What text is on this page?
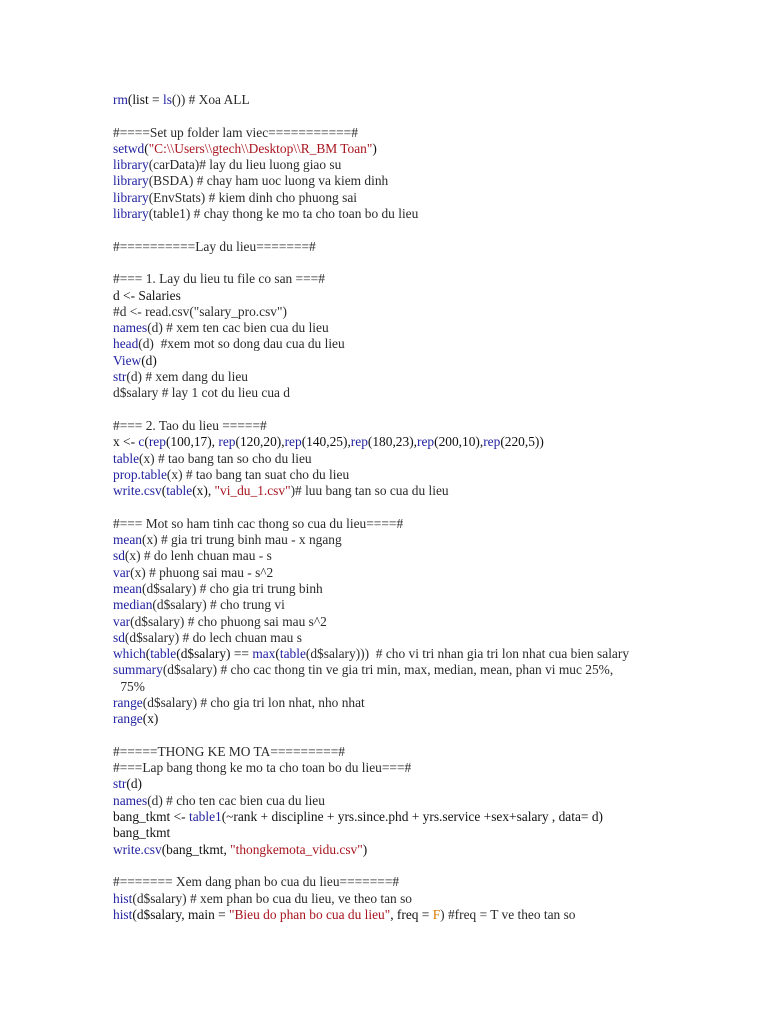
rm(list = ls()) # Xoa ALL
#====Set up folder lam viec===========#
setwd("C:\\Users\\gtech\\Desktop\\R_BM Toan")
library(carData)# lay du lieu luong giao su
library(BSDA) # chay ham uoc luong va kiem dinh
library(EnvStats) # kiem dinh cho phuong sai
library(table1) # chay thong ke mo ta cho toan bo du lieu
#==========Lay du lieu=======#
#=== 1. Lay du lieu tu file co san ===#
d <- Salaries
#d <- read.csv("salary_pro.csv")
names(d) # xem ten cac bien cua du lieu
head(d)  #xem mot so dong dau cua du lieu
View(d)
str(d) # xem dang du lieu
d$salary # lay 1 cot du lieu cua d
#=== 2. Tao du lieu =====#
x <- c(rep(100,17), rep(120,20),rep(140,25),rep(180,23),rep(200,10),rep(220,5))
table(x) # tao bang tan so cho du lieu
prop.table(x) # tao bang tan suat cho du lieu
write.csv(table(x), "vi_du_1.csv")# luu bang tan so cua du lieu
#=== Mot so ham tinh cac thong so cua du lieu====#
mean(x) # gia tri trung binh mau - x ngang
sd(x) # do lenh chuan mau - s
var(x) # phuong sai mau - s^2
mean(d$salary) # cho gia tri trung binh
median(d$salary) # cho trung vi
var(d$salary) # cho phuong sai mau s^2
sd(d$salary) # do lech chuan mau s
which(table(d$salary) == max(table(d$salary)))  # cho vi tri nhan gia tri lon nhat cua bien salary
summary(d$salary) # cho cac thong tin ve gia tri min, max, median, mean, phan vi muc 25%,
75%
range(d$salary) # cho gia tri lon nhat, nho nhat
range(x)
#=====THONG KE MO TA=========#
#===Lap bang thong ke mo ta cho toan bo du lieu===#
str(d)
names(d) # cho ten cac bien cua du lieu
bang_tkmt <- table1(~rank + discipline + yrs.since.phd + yrs.service +sex+salary , data= d)
bang_tkmt
write.csv(bang_tkmt, "thongkemota_vidu.csv")
#======= Xem dang phan bo cua du lieu=======#
hist(d$salary) # xem phan bo cua du lieu, ve theo tan so
hist(d$salary, main = "Bieu do phan bo cua du lieu", freq = F) #freq = T ve theo tan so
